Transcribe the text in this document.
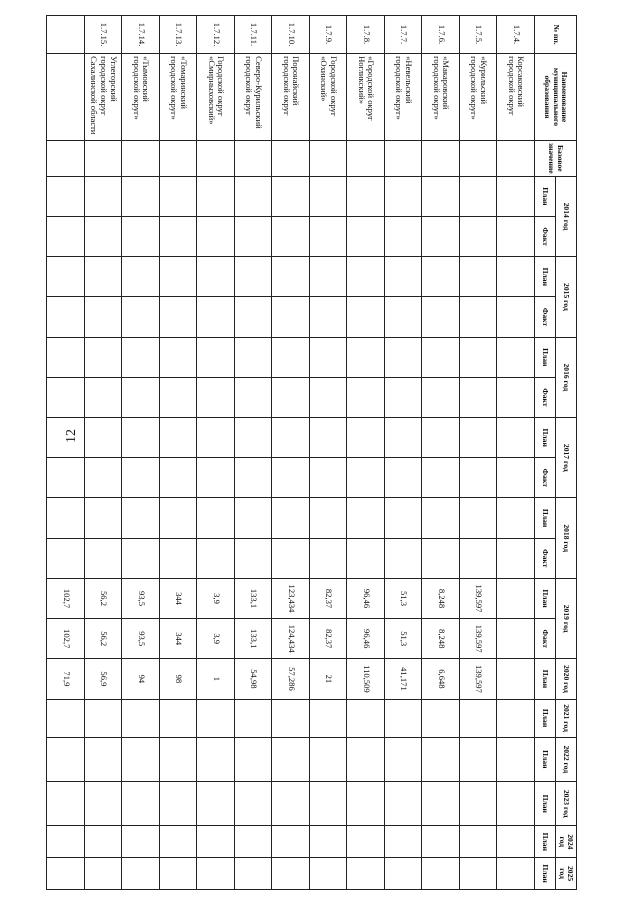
12
№ пп.	Наименование муниципального образования	Базовое значение	2014 год		2015 год		2016 год		2017 год		2018 год		2019 год		2020 год	2021 год	2022 год	2023 год	2024 год	2025 год
			План	Факт	План	Факт	План	Факт	План	Факт	План	Факт	План	Факт	План	План	План	План	План	План
1.7.4.	Корсаковский городской округ																			
1.7.5.	«Курильский городской округ»												139,597	139,597	139,597					
1.7.6.	«Макаровский городской округ»												8,248	8,248	6,648					
1.7.7.	«Невельский городской округ»												51,3	51,3	41,171					
1.7.8.	«Городской округ Ногликский»												96,46	96,46	110,509					
1.7.9.	Городской округ «Охинский»												82,37	82,37	21					
1.7.10.	Поронайский городской округ												123,434	124,434	57,286					
1.7.11.	Северо-Курильский городской округ												133,1	133,1	54,98					
1.7.12.	Городской округ «Смирныховский»												3,9	3,9	1					
1.7.13.	«Томаринский городской округ»												344	344	98					
1.7.14.	«Тымовский городской округ»												93,5	93,5	94					
1.7.15.	Углегорский городской округ Сахалинской области												56,2	56,2	56,9					
													102,7	102,7	71,9					
